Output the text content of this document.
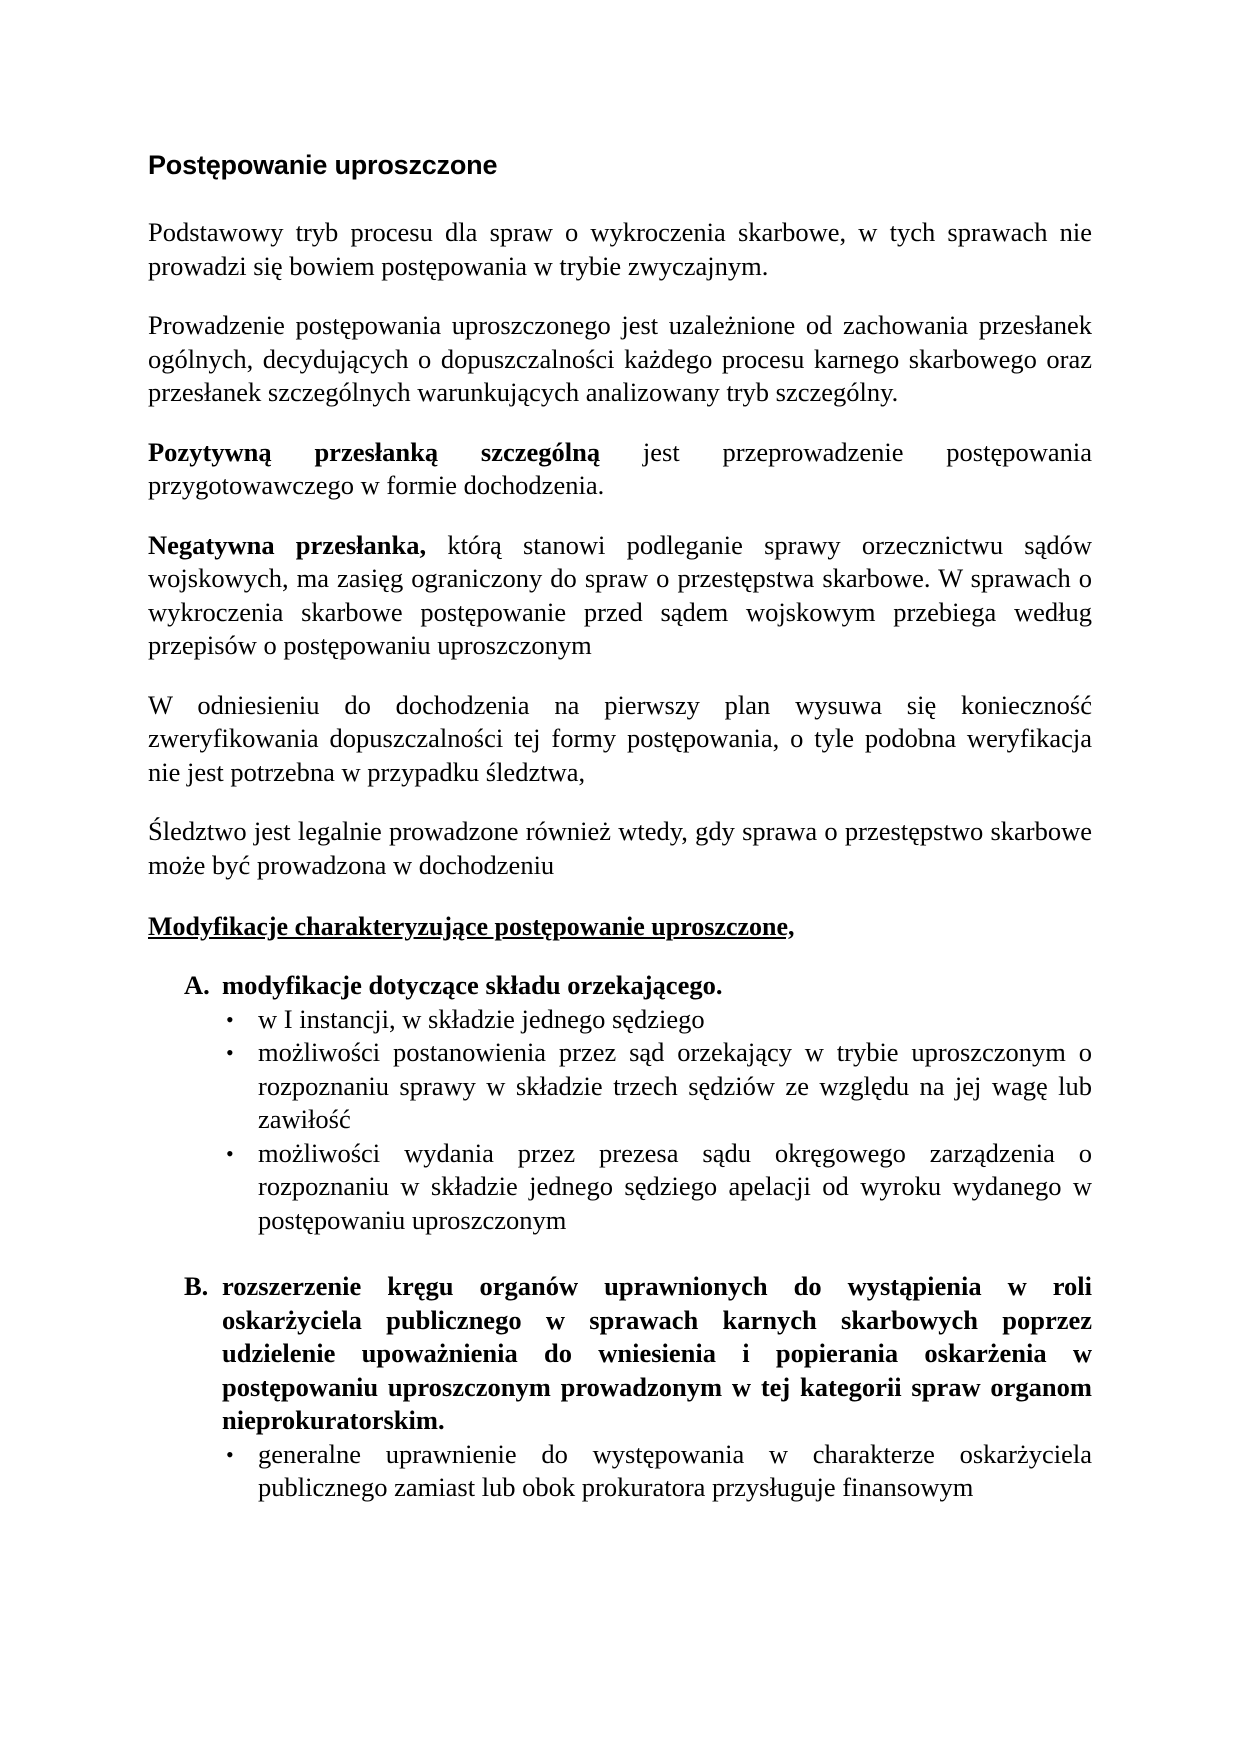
Postępowanie uproszczone

Podstawowy tryb procesu dla spraw o wykroczenia skarbowe, w tych sprawach nie prowadzi się bowiem postępowania w trybie zwyczajnym.

Prowadzenie postępowania uproszczonego jest uzależnione od zachowania przesłanek ogólnych, decydujących o dopuszczalności każdego procesu karnego skarbowego oraz przesłanek szczególnych warunkujących analizowany tryb szczególny.

Pozytywną przesłanką szczególną jest przeprowadzenie postępowania przygotowawczego w formie dochodzenia.

Negatywna przesłanka, którą stanowi podleganie sprawy orzecznictwu sądów wojskowych, ma zasięg ograniczony do spraw o przestępstwa skarbowe. W sprawach o wykroczenia skarbowe postępowanie przed sądem wojskowym przebiega według przepisów o postępowaniu uproszczonym

W odniesieniu do dochodzenia na pierwszy plan wysuwa się konieczność zweryfikowania dopuszczalności tej formy postępowania, o tyle podobna weryfikacja nie jest potrzebna w przypadku śledztwa,

Śledztwo jest legalnie prowadzone również wtedy, gdy sprawa o przestępstwo skarbowe może być prowadzona w dochodzeniu

Modyfikacje charakteryzujące postępowanie uproszczone,
A. modyfikacje dotyczące składu orzekającego.
• w I instancji, w składzie jednego sędziego
• możliwości postanowienia przez sąd orzekający w trybie uproszczonym o rozpoznaniu sprawy w składzie trzech sędziów ze względu na jej wagę lub zawiłość
• możliwości wydania przez prezesa sądu okręgowego zarządzenia o rozpoznaniu w składzie jednego sędziego apelacji od wyroku wydanego w postępowaniu uproszczonym
B. rozszerzenie kręgu organów uprawnionych do wystąpienia w roli oskarżyciela publicznego w sprawach karnych skarbowych poprzez udzielenie upoważnienia do wniesienia i popierania oskarżenia w postępowaniu uproszczonym prowadzonym w tej kategorii spraw organom nieprokuratorskim.
• generalne uprawnienie do występowania w charakterze oskarżyciela publicznego zamiast lub obok prokuratora przysługuje finansowym
